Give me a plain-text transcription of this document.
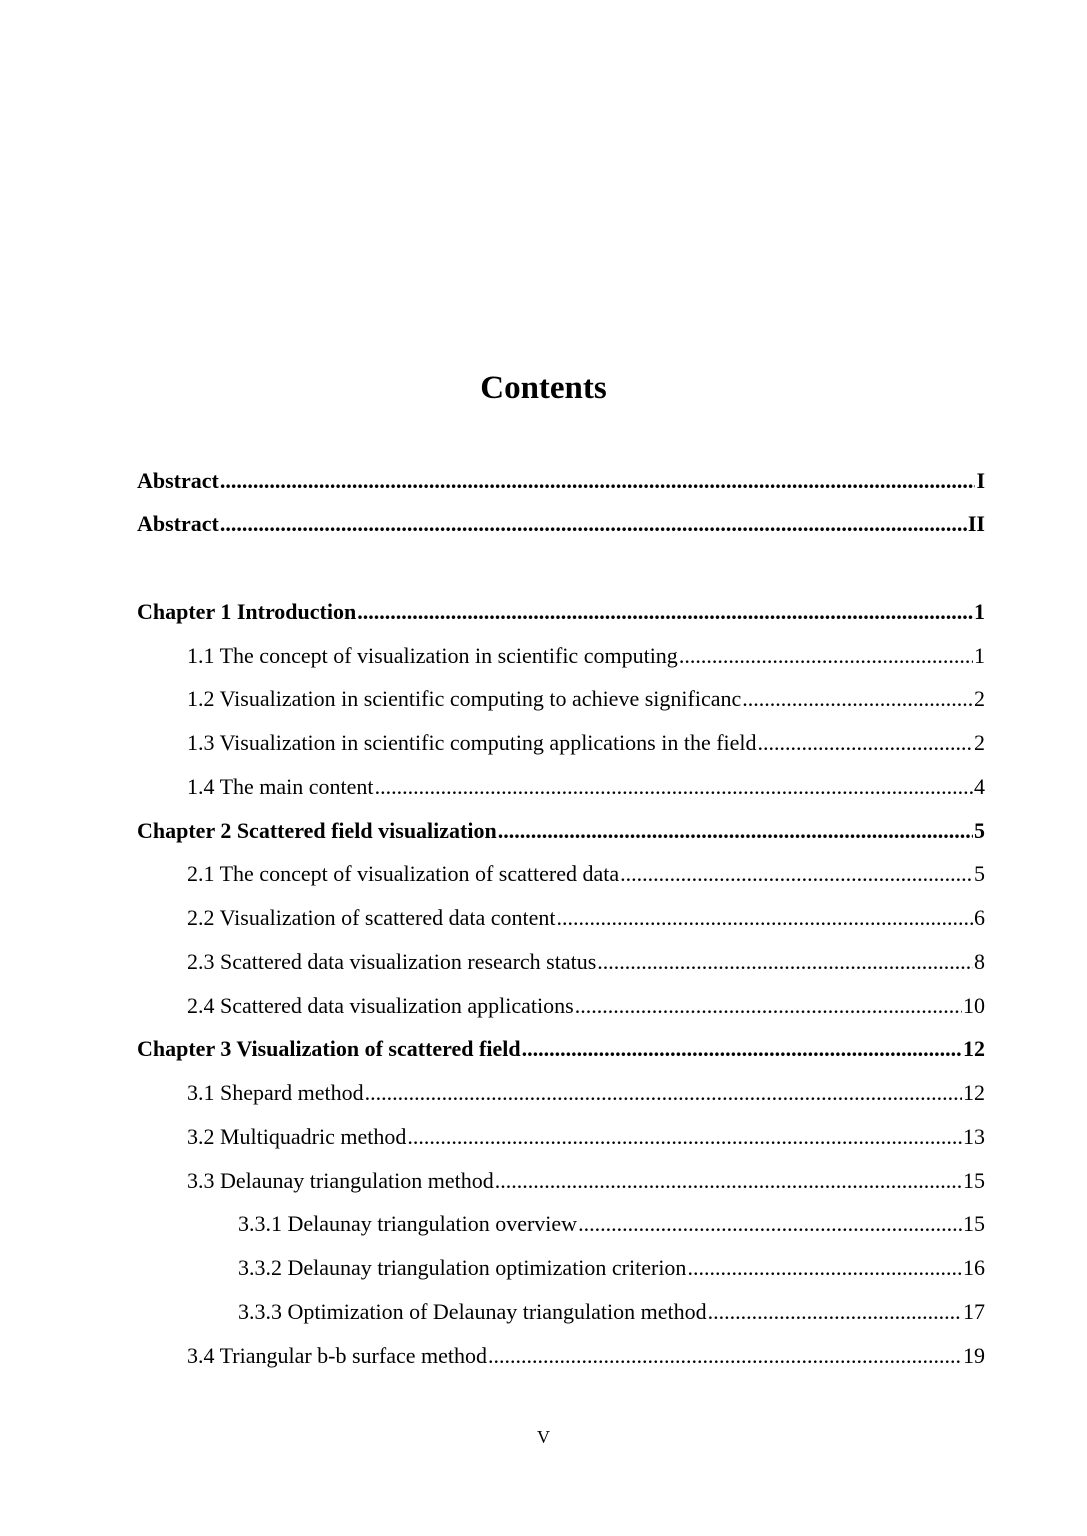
Contents
Abstract .....	I
Abstract .....	II
Chapter 1 Introduction .....	1
1.1 The concept of visualization in scientific computing .....	1
1.2 Visualization in scientific computing to achieve significanc .....	2
1.3 Visualization in scientific computing applications in the field .....	2
1.4 The main content .....	4
Chapter 2 Scattered field visualization .....	5
2.1 The concept of visualization of scattered data .....	5
2.2 Visualization of scattered data content .....	6
2.3 Scattered data visualization research status .....	8
2.4 Scattered data visualization applications .....	10
Chapter 3 Visualization of scattered field .....	12
3.1 Shepard method .....	12
3.2 Multiquadric method .....	13
3.3 Delaunay triangulation method .....	15
3.3.1 Delaunay triangulation overview .....	15
3.3.2 Delaunay triangulation optimization criterion .....	16
3.3.3 Optimization of Delaunay triangulation method .....	17
3.4 Triangular b-b surface method .....	19
V
